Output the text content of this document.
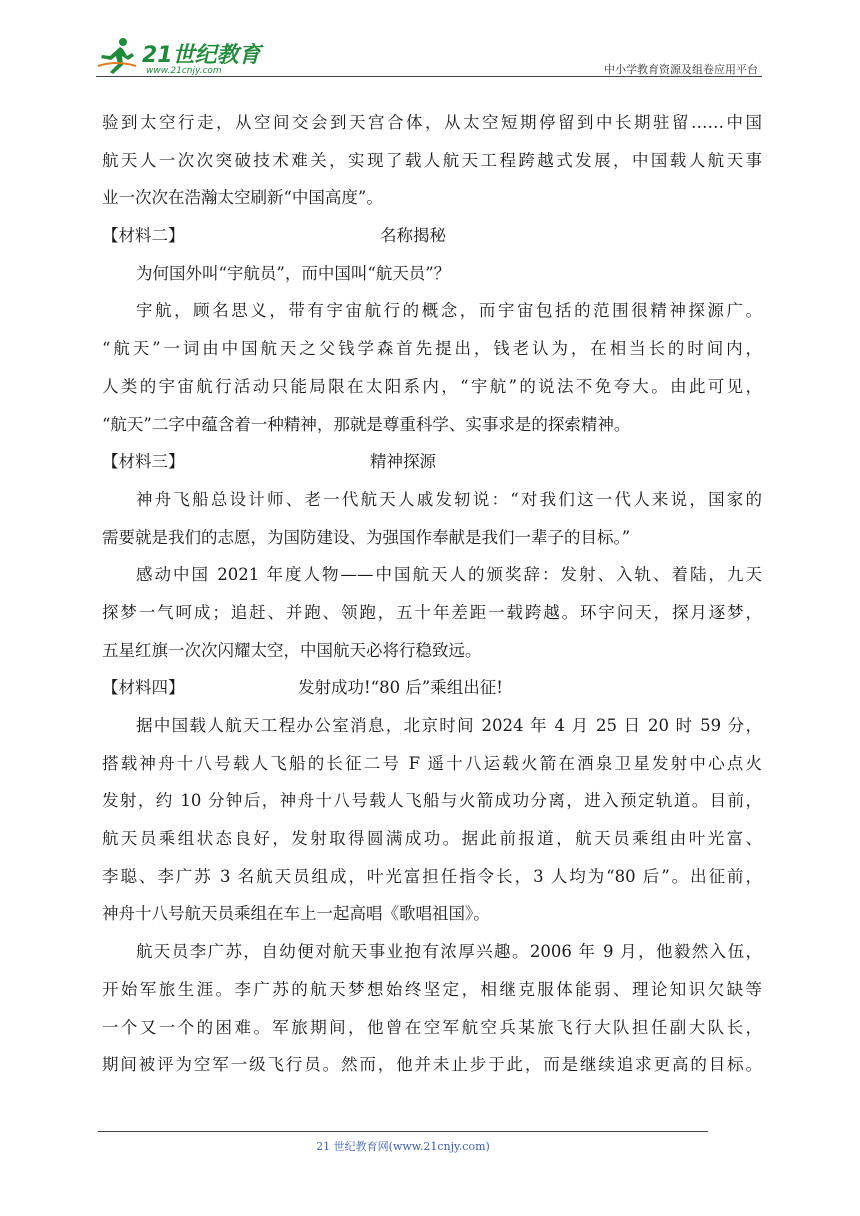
21世纪教育
www.21cnjy.com	中小学教育资源及组卷应用平台
验到太空行走，从空间交会到天宫合体，从太空短期停留到中长期驻留……中国
航天人一次次突破技术难关，实现了载人航天工程跨越式发展，中国载人航天事
业一次次在浩瀚太空刷新“中国高度”。
【材料二】	名称揭秘
为何国外叫“宇航员”，而中国叫“航天员”？
宇航，顾名思义，带有宇宙航行的概念，而宇宙包括的范围很精神探源广。
“航天”一词由中国航天之父钱学森首先提出，钱老认为，在相当长的时间内，
人类的宇宙航行活动只能局限在太阳系内，“宇航”的说法不免夸大。由此可见，
“航天”二字中蕴含着一种精神，那就是尊重科学、实事求是的探索精神。
【材料三】	精神探源
神舟飞船总设计师、老一代航天人戚发轫说：“对我们这一代人来说，国家的
需要就是我们的志愿，为国防建设、为强国作奉献是我们一辈子的目标。”
感动中国 2021 年度人物——中国航天人的颁奖辞：发射、入轨、着陆，九天
探梦一气呵成；追赶、并跑、领跑，五十年差距一载跨越。环宇问天，探月逐梦，
五星红旗一次次闪耀太空，中国航天必将行稳致远。
【材料四】	发射成功!“80 后”乘组出征!
据中国载人航天工程办公室消息，北京时间 2024 年 4 月 25 日 20 时 59 分，
搭载神舟十八号载人飞船的长征二号 F 遥十八运载火箭在酒泉卫星发射中心点火
发射，约 10 分钟后，神舟十八号载人飞船与火箭成功分离，进入预定轨道。目前，
航天员乘组状态良好，发射取得圆满成功。据此前报道，航天员乘组由叶光富、
李聪、李广苏 3 名航天员组成，叶光富担任指令长，3 人均为“80 后”。出征前，
神舟十八号航天员乘组在车上一起高唱《歌唱祖国》。
航天员李广苏，自幼便对航天事业抱有浓厚兴趣。2006 年 9 月，他毅然入伍，
开始军旅生涯。李广苏的航天梦想始终坚定，相继克服体能弱、理论知识欠缺等
一个又一个的困难。军旅期间，他曾在空军航空兵某旅飞行大队担任副大队长，
期间被评为空军一级飞行员。然而，他并未止步于此，而是继续追求更高的目标。
21 世纪教育网(www.21cnjy.com)
